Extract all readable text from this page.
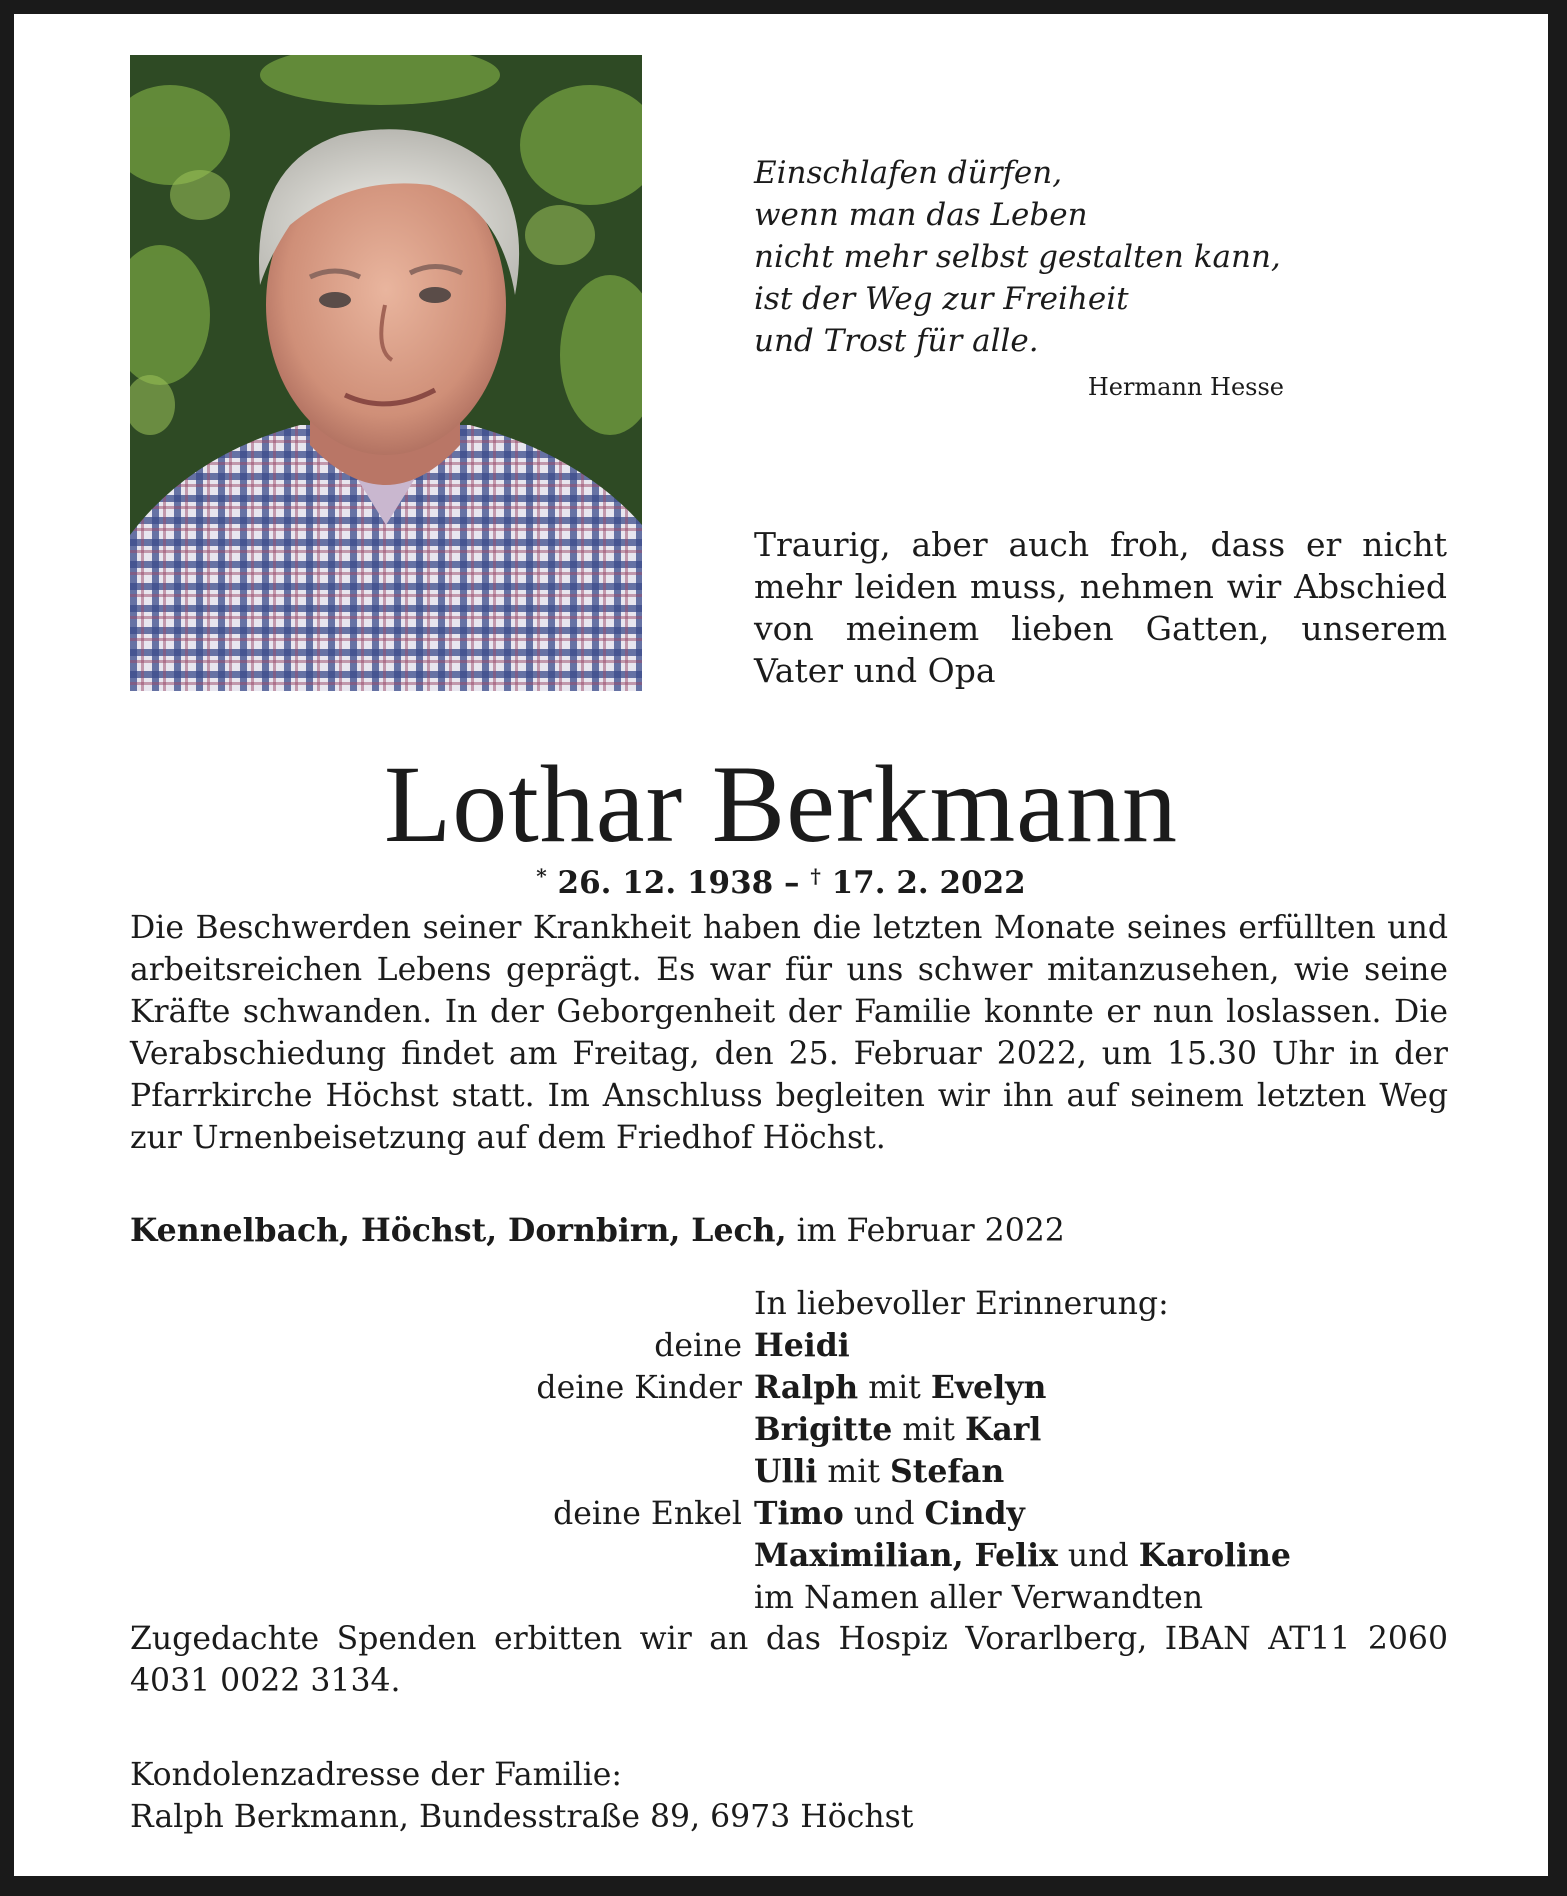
Einschlafen dürfen,
wenn man das Leben
nicht mehr selbst gestalten kann,
ist der Weg zur Freiheit
und Trost für alle.
Hermann Hesse
Traurig, aber auch froh, dass er nicht mehr leiden muss, nehmen wir Abschied von meinem lieben Gatten, unserem Vater und Opa
Lothar Berkmann
* 26. 12. 1938 – † 17. 2. 2022
Die Beschwerden seiner Krankheit haben die letzten Monate seines erfüllten und arbeitsreichen Lebens geprägt. Es war für uns schwer mitanzusehen, wie seine Kräfte schwanden. In der Geborgenheit der Familie konnte er nun loslassen. Die Verabschiedung findet am Freitag, den 25. Februar 2022, um 15.30 Uhr in der Pfarrkirche Höchst statt. Im Anschluss begleiten wir ihn auf seinem letzten Weg zur Urnenbeisetzung auf dem Friedhof Höchst.
Kennelbach, Höchst, Dornbirn, Lech, im Februar 2022
In liebevoller Erinnerung:
deine Heidi
deine Kinder Ralph mit Evelyn
Brigitte mit Karl
Ulli mit Stefan
deine Enkel Timo und Cindy
Maximilian, Felix und Karoline
im Namen aller Verwandten
Zugedachte Spenden erbitten wir an das Hospiz Vorarlberg, IBAN AT11 2060 4031 0022 3134.
Kondolenzadresse der Familie:
Ralph Berkmann, Bundesstraße 89, 6973 Höchst
